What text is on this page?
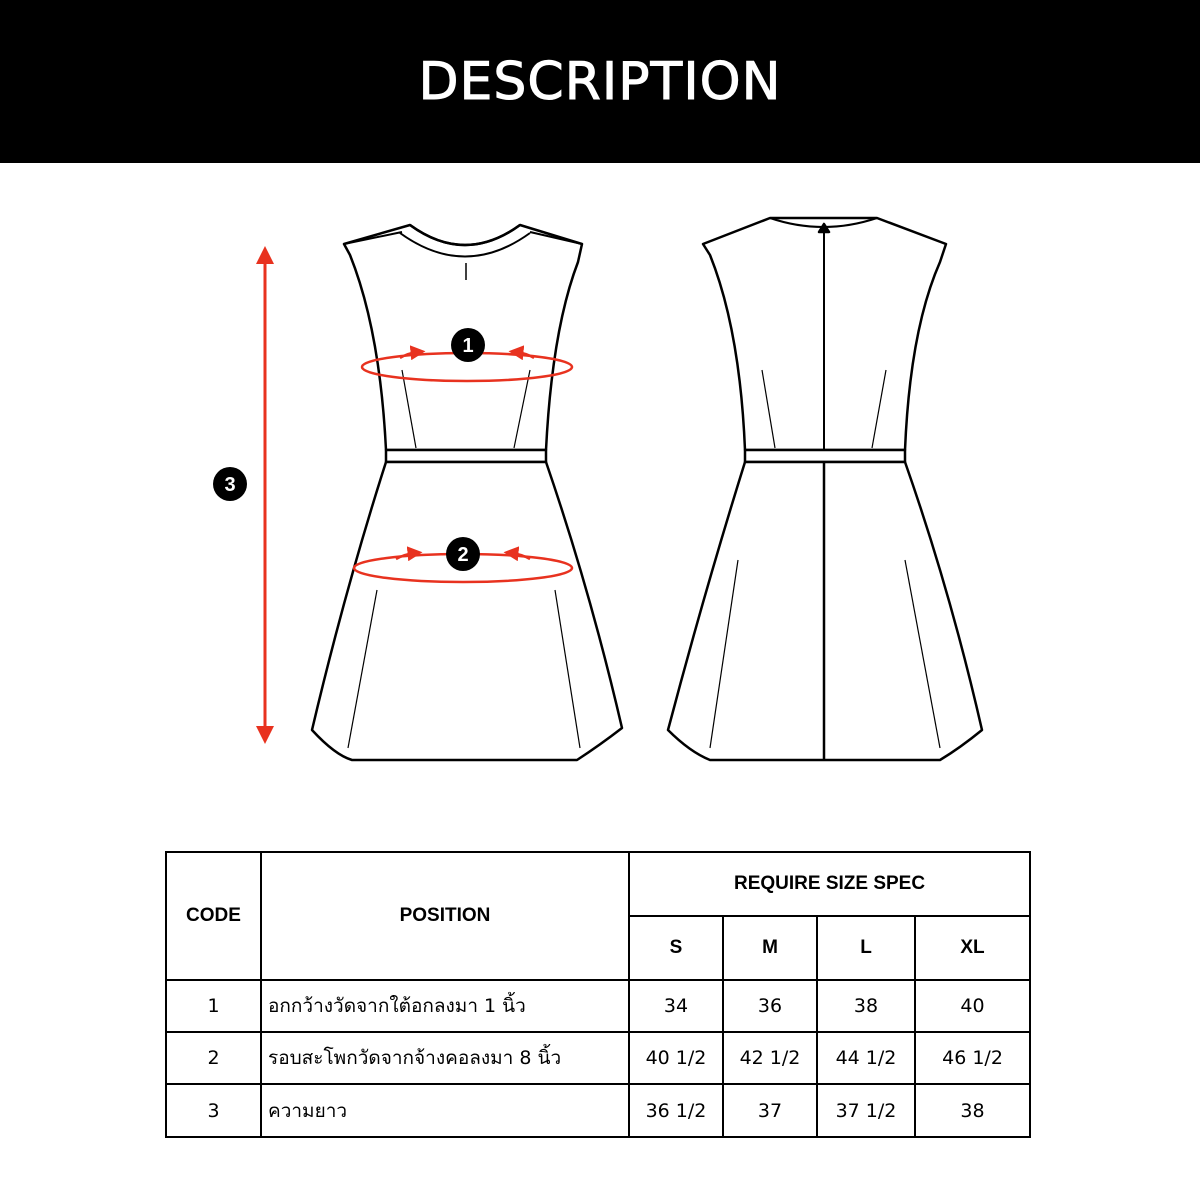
DESCRIPTION
1
2
3
CODE	POSITION	REQUIRE SIZE SPEC			
		S	M	L	XL
1	อกกว้างวัดจากใต้อกลงมา 1 นิ้ว	34	36	38	40
2	รอบสะโพกวัดจากจ้างคอลงมา 8 นิ้ว	40 1/2	42 1/2	44 1/2	46 1/2
3	ความยาว	36 1/2	37	37 1/2	38
